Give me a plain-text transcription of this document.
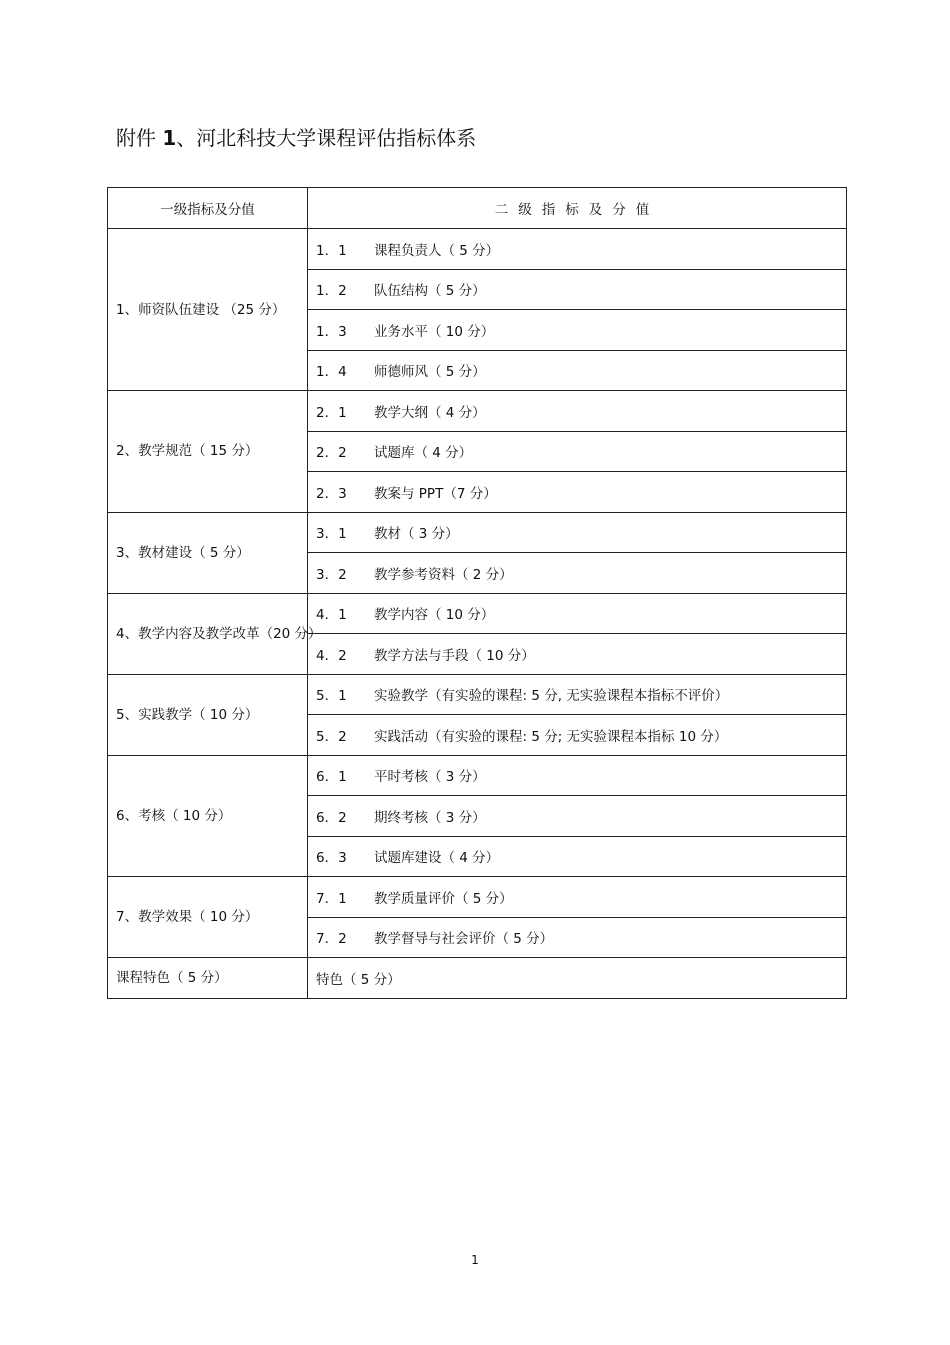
附件 1、河北科技大学课程评估指标体系
一级指标及分值	二级指标及分值
1、师资队伍建设 （25 分）	1．1 课程负责人（ 5 分）
	1．2 队伍结构（ 5 分）
	1．3 业务水平（ 10 分）
	1．4 师德师风（ 5 分）
2、教学规范（ 15 分）	2．1 教学大纲（ 4 分）
	2．2 试题库（ 4 分）
	2．3 教案与 PPT（7 分）
3、教材建设（ 5 分）	3．1 教材（ 3 分）
	3．2 教学参考资料（ 2 分）
4、教学内容及教学改革（20 分）	4．1 教学内容（ 10 分）
	4．2 教学方法与手段（ 10 分）
5、实践教学（ 10 分）	5．1 实验教学（有实验的课程: 5 分, 无实验课程本指标不评价）
	5．2 实践活动（有实验的课程: 5 分; 无实验课程本指标 10 分）
6、考核（ 10 分）	6．1 平时考核（ 3 分）
	6．2 期终考核（ 3 分）
	6．3 试题库建设（ 4 分）
7、教学效果（ 10 分）	7．1 教学质量评价（ 5 分）
	7．2 教学督导与社会评价（ 5 分）
课程特色（ 5 分）	特色（ 5 分）
1
